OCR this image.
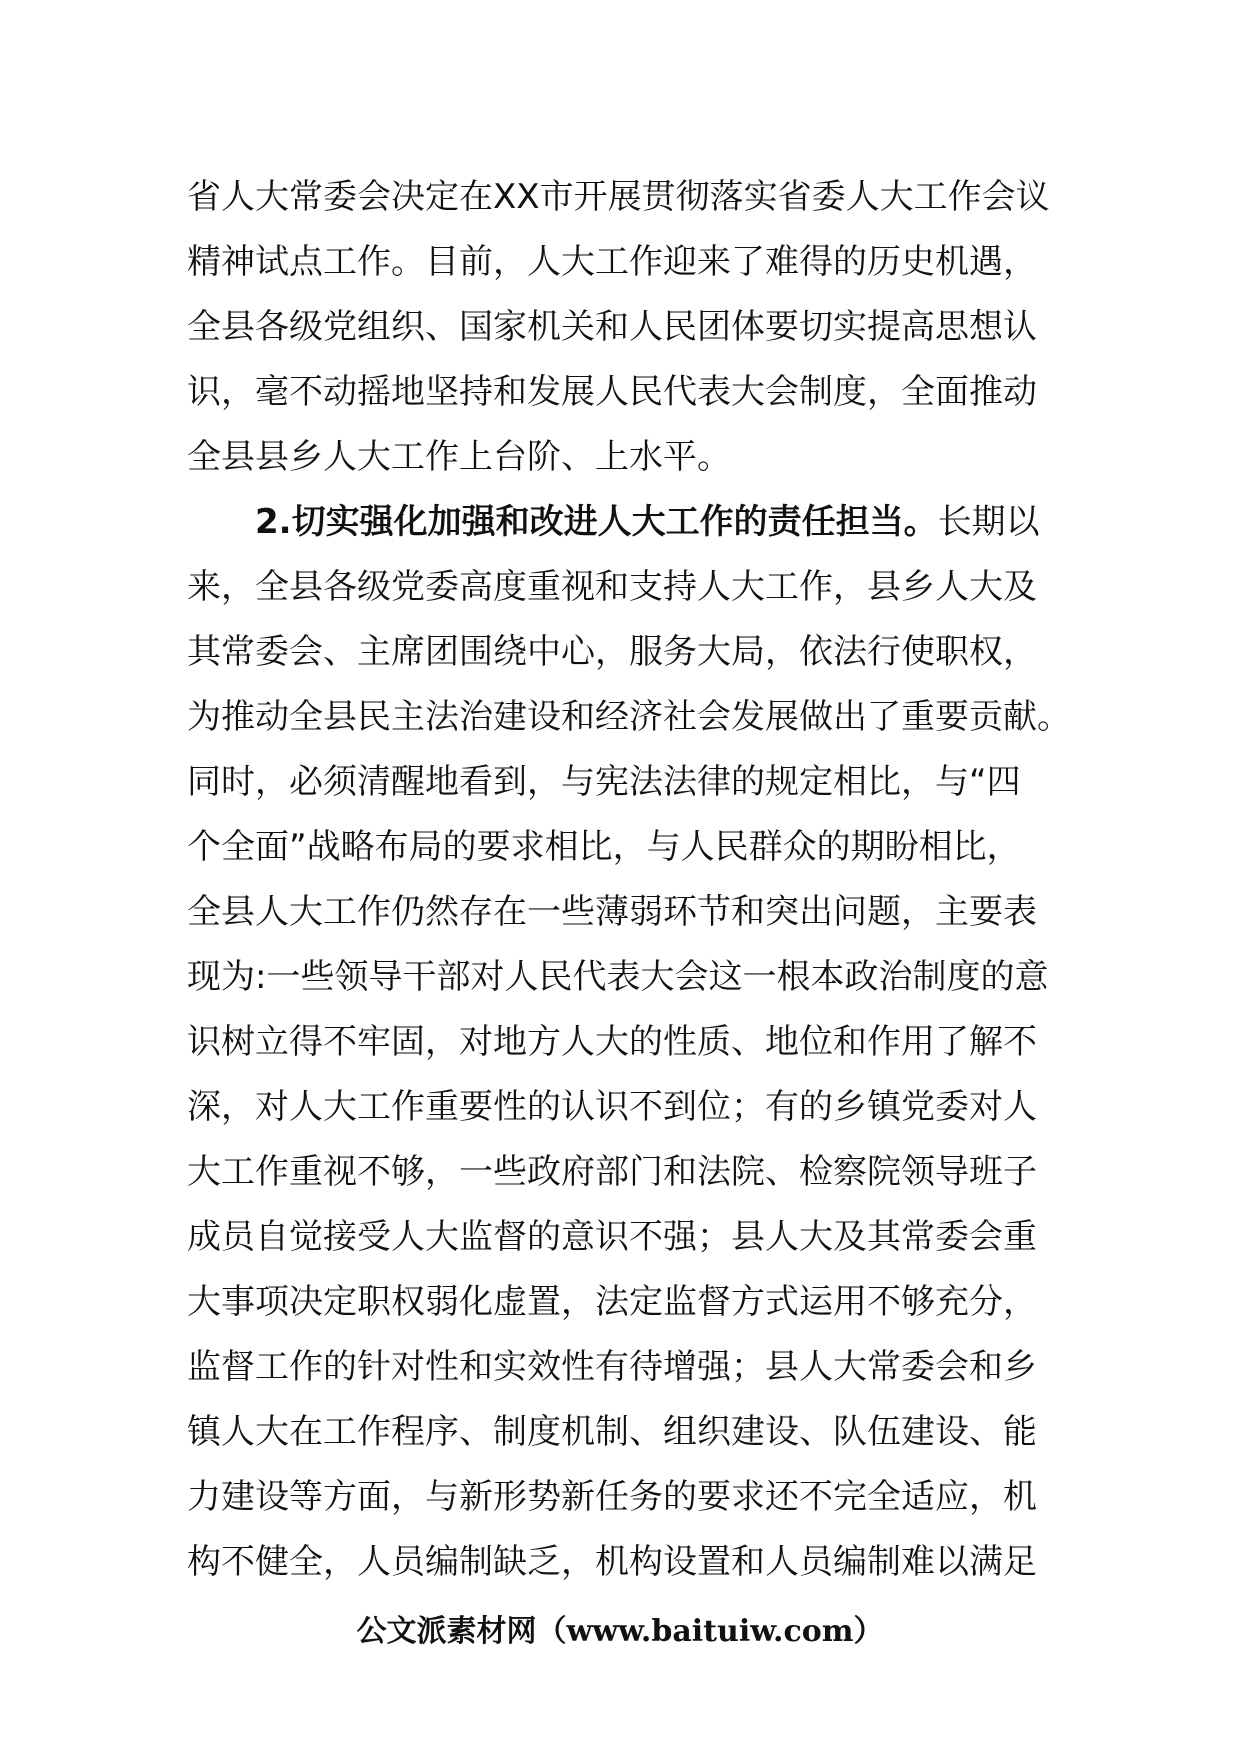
省人大常委会决定在XX市开展贯彻落实省委人大工作会议
精神试点工作。目前，人大工作迎来了难得的历史机遇，
全县各级党组织、国家机关和人民团体要切实提高思想认
识，毫不动摇地坚持和发展人民代表大会制度，全面推动
全县县乡人大工作上台阶、上水平。
2.切实强化加强和改进人大工作的责任担当。长期以
来，全县各级党委高度重视和支持人大工作，县乡人大及
其常委会、主席团围绕中心，服务大局，依法行使职权，
为推动全县民主法治建设和经济社会发展做出了重要贡献。
同时，必须清醒地看到，与宪法法律的规定相比，与“四
个全面”战略布局的要求相比，与人民群众的期盼相比，
全县人大工作仍然存在一些薄弱环节和突出问题，主要表
现为:一些领导干部对人民代表大会这一根本政治制度的意
识树立得不牢固，对地方人大的性质、地位和作用了解不
深，对人大工作重要性的认识不到位；有的乡镇党委对人
大工作重视不够，一些政府部门和法院、检察院领导班子
成员自觉接受人大监督的意识不强；县人大及其常委会重
大事项决定职权弱化虚置，法定监督方式运用不够充分，
监督工作的针对性和实效性有待增强；县人大常委会和乡
镇人大在工作程序、制度机制、组织建设、队伍建设、能
力建设等方面，与新形势新任务的要求还不完全适应，机
构不健全，人员编制缺乏，机构设置和人员编制难以满足
公文派素材网（www.baituiw.com）
